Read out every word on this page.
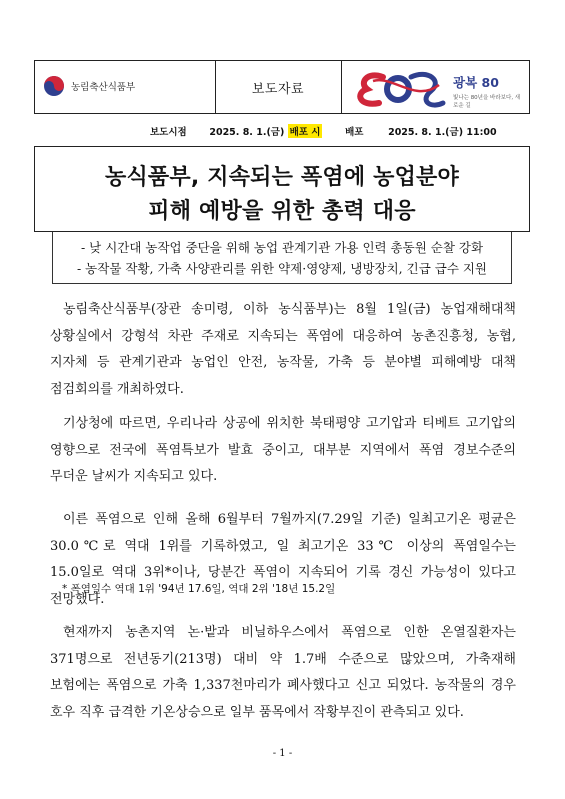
농림축산식품부	보도자료	광복 80
빛나는 80년을 바라보다, 새로운 길
보도시점 2025. 8. 1.(금) 배포 시	배포	2025. 8. 1.(금) 11:00
농식품부, 지속되는 폭염에 농업분야
피해 예방을 위한 총력 대응
- 낮 시간대 농작업 중단을 위해 농업 관계기관 가용 인력 총동원 순찰 강화
- 농작물 작황, 가축 사양관리를 위한 약제·영양제, 냉방장치, 긴급 급수 지원
농림축산식품부(장관 송미령, 이하 농식품부)는 8월 1일(금) 농업재해대책 상황실에서 강형석 차관 주재로 지속되는 폭염에 대응하여 농촌진흥청, 농협, 지자체 등 관계기관과 농업인 안전, 농작물, 가축 등 분야별 피해예방 대책 점검회의를 개최하였다.
기상청에 따르면, 우리나라 상공에 위치한 북태평양 고기압과 티베트 고기압의 영향으로 전국에 폭염특보가 발효 중이고, 대부분 지역에서 폭염 경보수준의 무더운 날씨가 지속되고 있다.
이른 폭염으로 인해 올해 6월부터 7월까지(7.29일 기준) 일최고기온 평균은 30.0℃로 역대 1위를 기록하였고, 일 최고기온 33℃ 이상의 폭염일수는 15.0일로 역대 3위*이나, 당분간 폭염이 지속되어 기록 경신 가능성이 있다고 전망했다.
* 폭염일수 역대 1위 '94년 17.6일, 역대 2위 '18년 15.2일
현재까지 농촌지역 논·밭과 비닐하우스에서 폭염으로 인한 온열질환자는 371명으로 전년동기(213명) 대비 약 1.7배 수준으로 많았으며, 가축재해 보험에는 폭염으로 가축 1,337천마리가 폐사했다고 신고 되었다. 농작물의 경우 호우 직후 급격한 기온상승으로 일부 품목에서 작황부진이 관측되고 있다.
- 1 -
